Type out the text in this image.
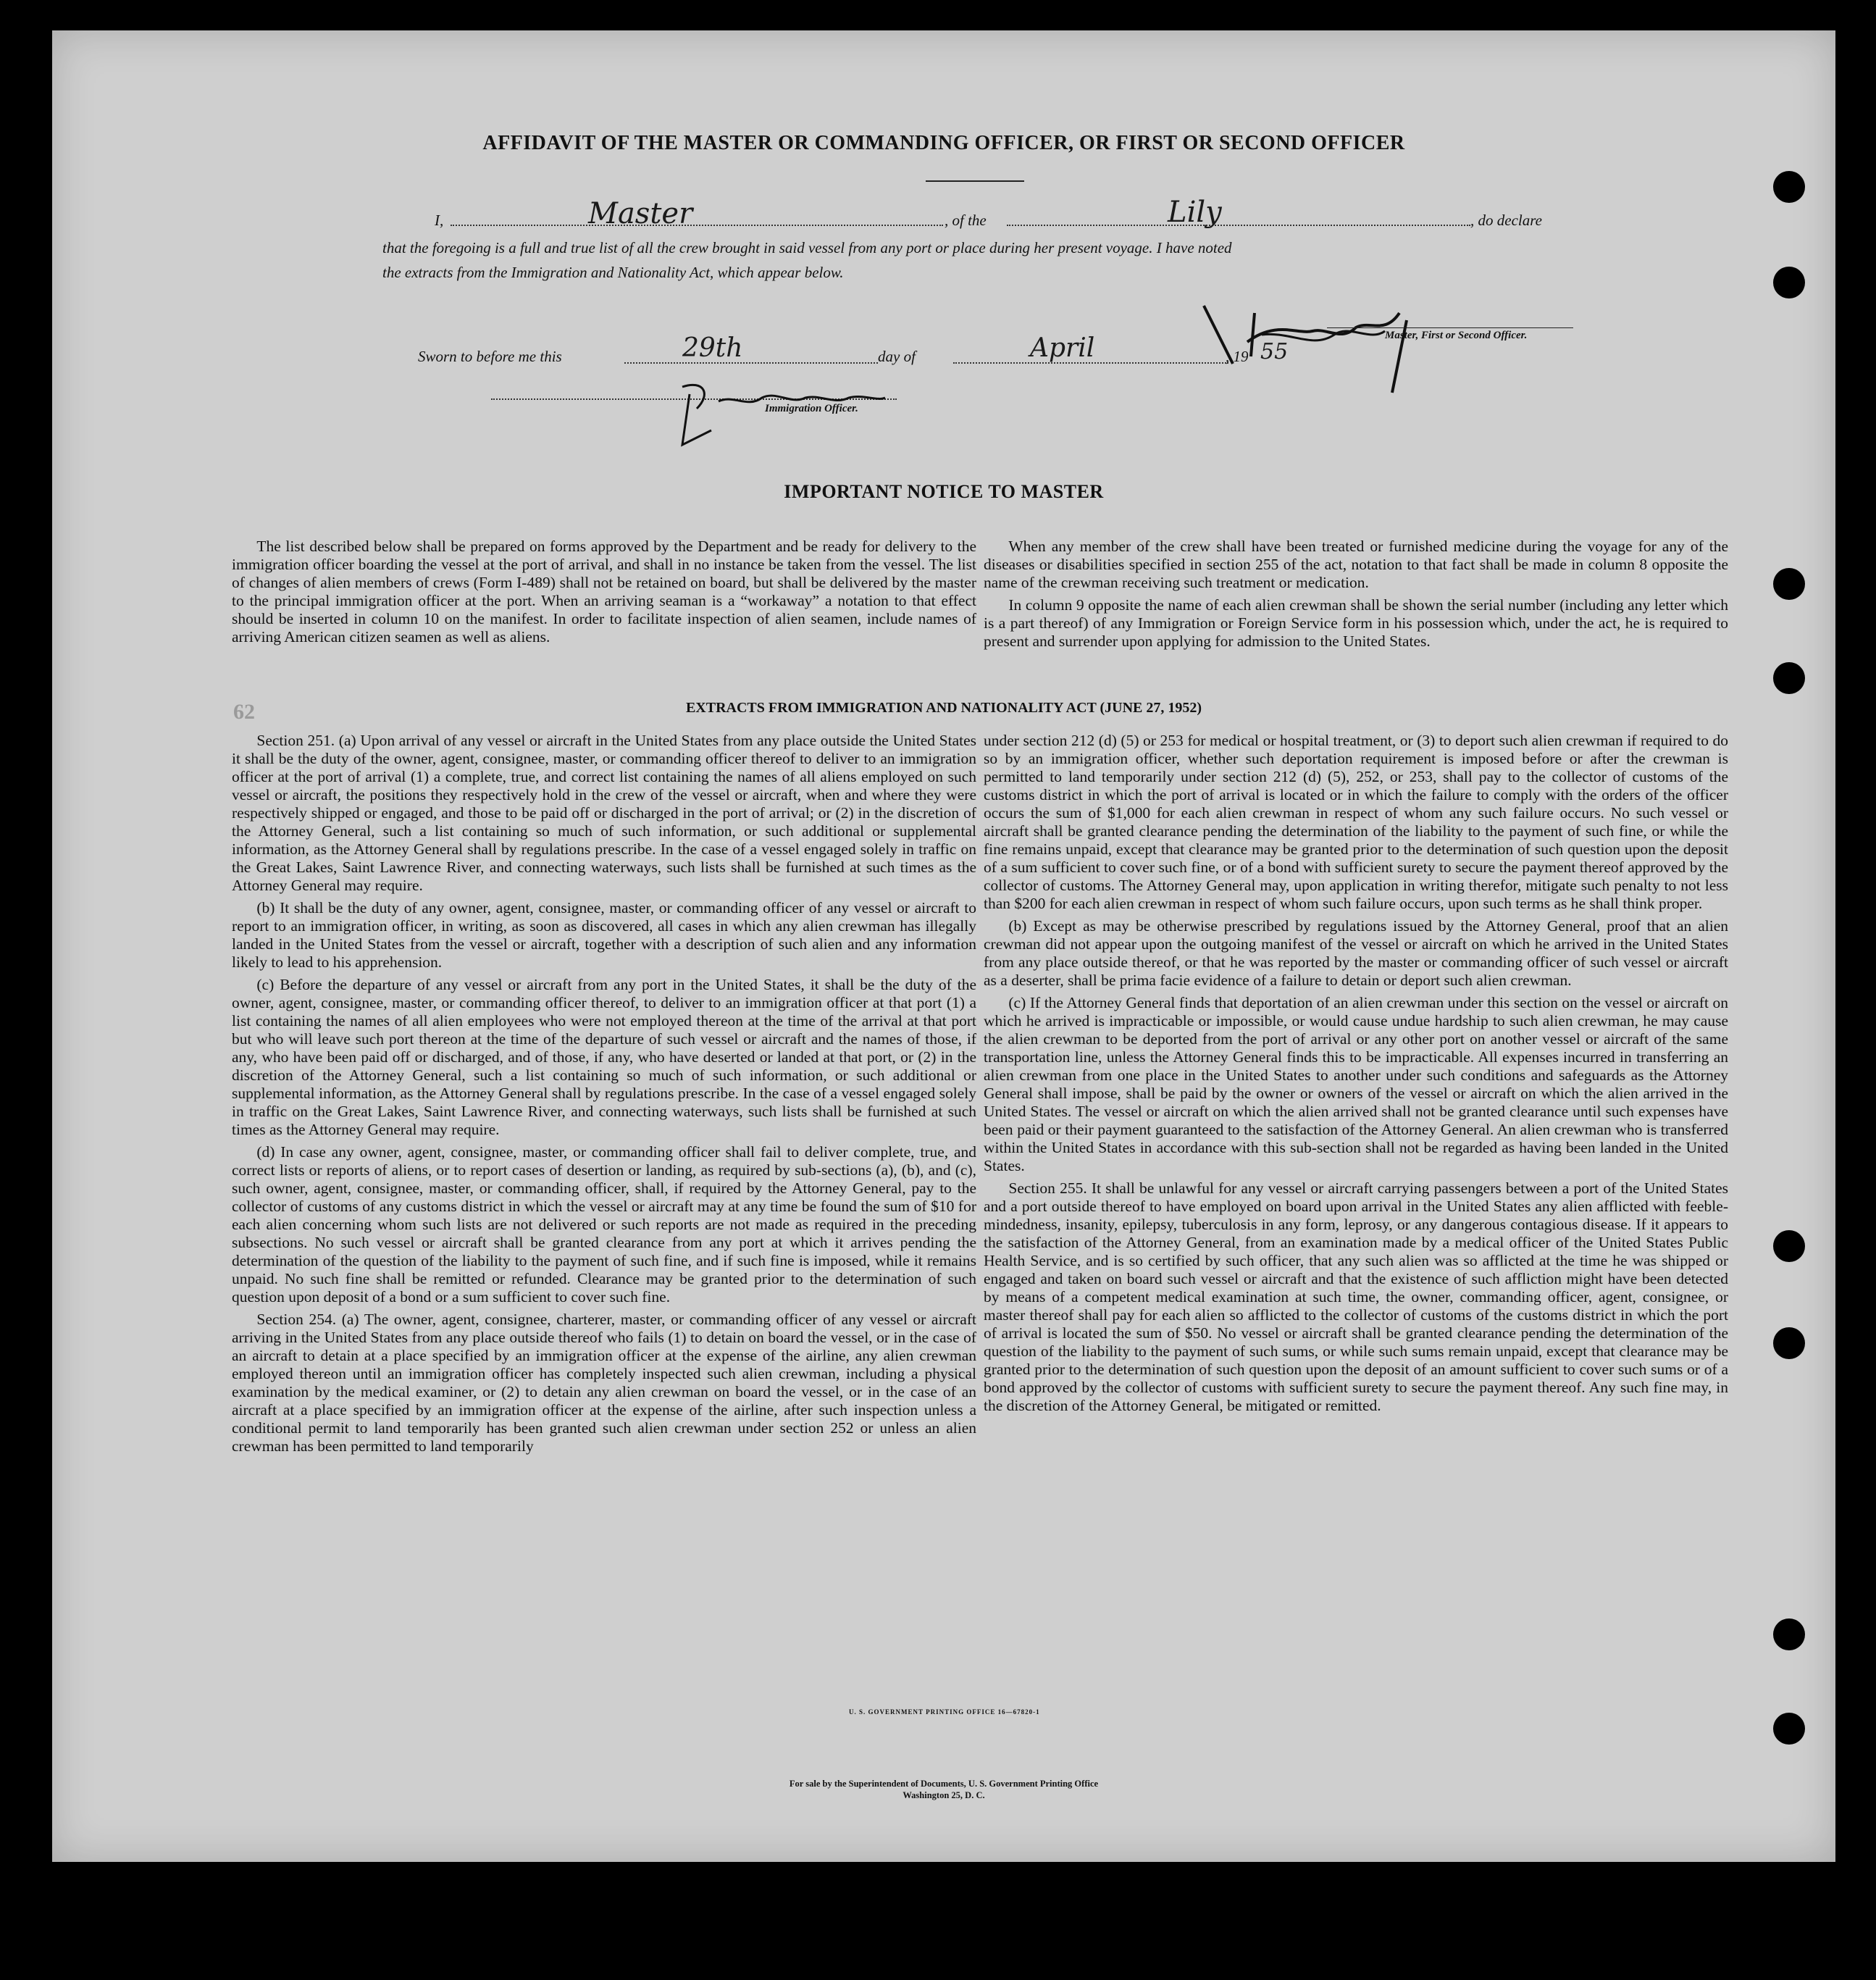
AFFIDAVIT OF THE MASTER OR COMMANDING OFFICER, OR FIRST OR SECOND OFFICER
I,	Master	, of the	Lily	, do declare
that the foregoing is a full and true list of all the crew brought in said vessel from any port or place during her present voyage. I have noted
the extracts from the Immigration and Nationality Act, which appear below.
Master, First or Second Officer.
Sworn to before me this	29th	day of	April	, 19 55
Immigration Officer.
IMPORTANT NOTICE TO MASTER

The list described below shall be prepared on forms approved by the Department and be ready for delivery to the immigration officer boarding the vessel at the port of arrival, and shall in no instance be taken from the vessel. The list of changes of alien members of crews (Form I-489) shall not be retained on board, but shall be delivered by the master to the principal immigration officer at the port. When an arriving seaman is a “workaway” a notation to that effect should be inserted in column 10 on the manifest. In order to facilitate inspection of alien seamen, include names of arriving American citizen seamen as well as aliens.

When any member of the crew shall have been treated or furnished medicine during the voyage for any of the diseases or disabilities specified in section 255 of the act, notation to that fact shall be made in column 8 opposite the name of the crewman receiving such treatment or medication.

In column 9 opposite the name of each alien crewman shall be shown the serial number (including any letter which is a part thereof) of any Immigration or Foreign Service form in his possession which, under the act, he is required to present and surrender upon applying for admission to the United States.

62	EXTRACTS FROM IMMIGRATION AND NATIONALITY ACT (JUNE 27, 1952)

Section 251. (a) Upon arrival of any vessel or aircraft in the United States from any place outside the United States it shall be the duty of the owner, agent, consignee, master, or commanding officer thereof to deliver to an immigration officer at the port of arrival (1) a complete, true, and correct list containing the names of all aliens employed on such vessel or aircraft, the positions they respectively hold in the crew of the vessel or aircraft, when and where they were respectively shipped or engaged, and those to be paid off or discharged in the port of arrival; or (2) in the discretion of the Attorney General, such a list containing so much of such information, or such additional or supplemental information, as the Attorney General shall by regulations prescribe. In the case of a vessel engaged solely in traffic on the Great Lakes, Saint Lawrence River, and connecting waterways, such lists shall be furnished at such times as the Attorney General may require.

(b) It shall be the duty of any owner, agent, consignee, master, or commanding officer of any vessel or aircraft to report to an immigration officer, in writing, as soon as discovered, all cases in which any alien crewman has illegally landed in the United States from the vessel or aircraft, together with a description of such alien and any information likely to lead to his apprehension.

(c) Before the departure of any vessel or aircraft from any port in the United States, it shall be the duty of the owner, agent, consignee, master, or commanding officer thereof, to deliver to an immigration officer at that port (1) a list containing the names of all alien employees who were not employed thereon at the time of the arrival at that port but who will leave such port thereon at the time of the departure of such vessel or aircraft and the names of those, if any, who have been paid off or discharged, and of those, if any, who have deserted or landed at that port, or (2) in the discretion of the Attorney General, such a list containing so much of such information, or such additional or supplemental information, as the Attorney General shall by regulations prescribe. In the case of a vessel engaged solely in traffic on the Great Lakes, Saint Lawrence River, and connecting waterways, such lists shall be furnished at such times as the Attorney General may require.

(d) In case any owner, agent, consignee, master, or commanding officer shall fail to deliver complete, true, and correct lists or reports of aliens, or to report cases of desertion or landing, as required by sub-sections (a), (b), and (c), such owner, agent, consignee, master, or commanding officer, shall, if required by the Attorney General, pay to the collector of customs of any customs district in which the vessel or aircraft may at any time be found the sum of $10 for each alien concerning whom such lists are not delivered or such reports are not made as required in the preceding subsections. No such vessel or aircraft shall be granted clearance from any port at which it arrives pending the determination of the question of the liability to the payment of such fine, and if such fine is imposed, while it remains unpaid. No such fine shall be remitted or refunded. Clearance may be granted prior to the determination of such question upon deposit of a bond or a sum sufficient to cover such fine.

Section 254. (a) The owner, agent, consignee, charterer, master, or commanding officer of any vessel or aircraft arriving in the United States from any place outside thereof who fails (1) to detain on board the vessel, or in the case of an aircraft to detain at a place specified by an immigration officer at the expense of the airline, any alien crewman employed thereon until an immigration officer has completely inspected such alien crewman, including a physical examination by the medical examiner, or (2) to detain any alien crewman on board the vessel, or in the case of an aircraft at a place specified by an immigration officer at the expense of the airline, after such inspection unless a conditional permit to land temporarily has been granted such alien crewman under section 252 or unless an alien crewman has been permitted to land temporarily

under section 212 (d) (5) or 253 for medical or hospital treatment, or (3) to deport such alien crewman if required to do so by an immigration officer, whether such deportation requirement is imposed before or after the crewman is permitted to land temporarily under section 212 (d) (5), 252, or 253, shall pay to the collector of customs of the customs district in which the port of arrival is located or in which the failure to comply with the orders of the officer occurs the sum of $1,000 for each alien crewman in respect of whom any such failure occurs. No such vessel or aircraft shall be granted clearance pending the determination of the liability to the payment of such fine, or while the fine remains unpaid, except that clearance may be granted prior to the determination of such question upon the deposit of a sum sufficient to cover such fine, or of a bond with sufficient surety to secure the payment thereof approved by the collector of customs. The Attorney General may, upon application in writing therefor, mitigate such penalty to not less than $200 for each alien crewman in respect of whom such failure occurs, upon such terms as he shall think proper.

(b) Except as may be otherwise prescribed by regulations issued by the Attorney General, proof that an alien crewman did not appear upon the outgoing manifest of the vessel or aircraft on which he arrived in the United States from any place outside thereof, or that he was reported by the master or commanding officer of such vessel or aircraft as a deserter, shall be prima facie evidence of a failure to detain or deport such alien crewman.

(c) If the Attorney General finds that deportation of an alien crewman under this section on the vessel or aircraft on which he arrived is impracticable or impossible, or would cause undue hardship to such alien crewman, he may cause the alien crewman to be deported from the port of arrival or any other port on another vessel or aircraft of the same transportation line, unless the Attorney General finds this to be impracticable. All expenses incurred in transferring an alien crewman from one place in the United States to another under such conditions and safeguards as the Attorney General shall impose, shall be paid by the owner or owners of the vessel or aircraft on which the alien arrived in the United States. The vessel or aircraft on which the alien arrived shall not be granted clearance until such expenses have been paid or their payment guaranteed to the satisfaction of the Attorney General. An alien crewman who is transferred within the United States in accordance with this sub-section shall not be regarded as having been landed in the United States.

Section 255. It shall be unlawful for any vessel or aircraft carrying passengers between a port of the United States and a port outside thereof to have employed on board upon arrival in the United States any alien afflicted with feeble-mindedness, insanity, epilepsy, tuberculosis in any form, leprosy, or any dangerous contagious disease. If it appears to the satisfaction of the Attorney General, from an examination made by a medical officer of the United States Public Health Service, and is so certified by such officer, that any such alien was so afflicted at the time he was shipped or engaged and taken on board such vessel or aircraft and that the existence of such affliction might have been detected by means of a competent medical examination at such time, the owner, commanding officer, agent, consignee, or master thereof shall pay for each alien so afflicted to the collector of customs of the customs district in which the port of arrival is located the sum of $50. No vessel or aircraft shall be granted clearance pending the determination of the question of the liability to the payment of such sums, or while such sums remain unpaid, except that clearance may be granted prior to the determination of such question upon the deposit of an amount sufficient to cover such sums or of a bond approved by the collector of customs with sufficient surety to secure the payment thereof. Any such fine may, in the discretion of the Attorney General, be mitigated or remitted.

U. S. GOVERNMENT PRINTING OFFICE 16—67820-1
For sale by the Superintendent of Documents, U. S. Government Printing Office
Washington 25, D. C.
